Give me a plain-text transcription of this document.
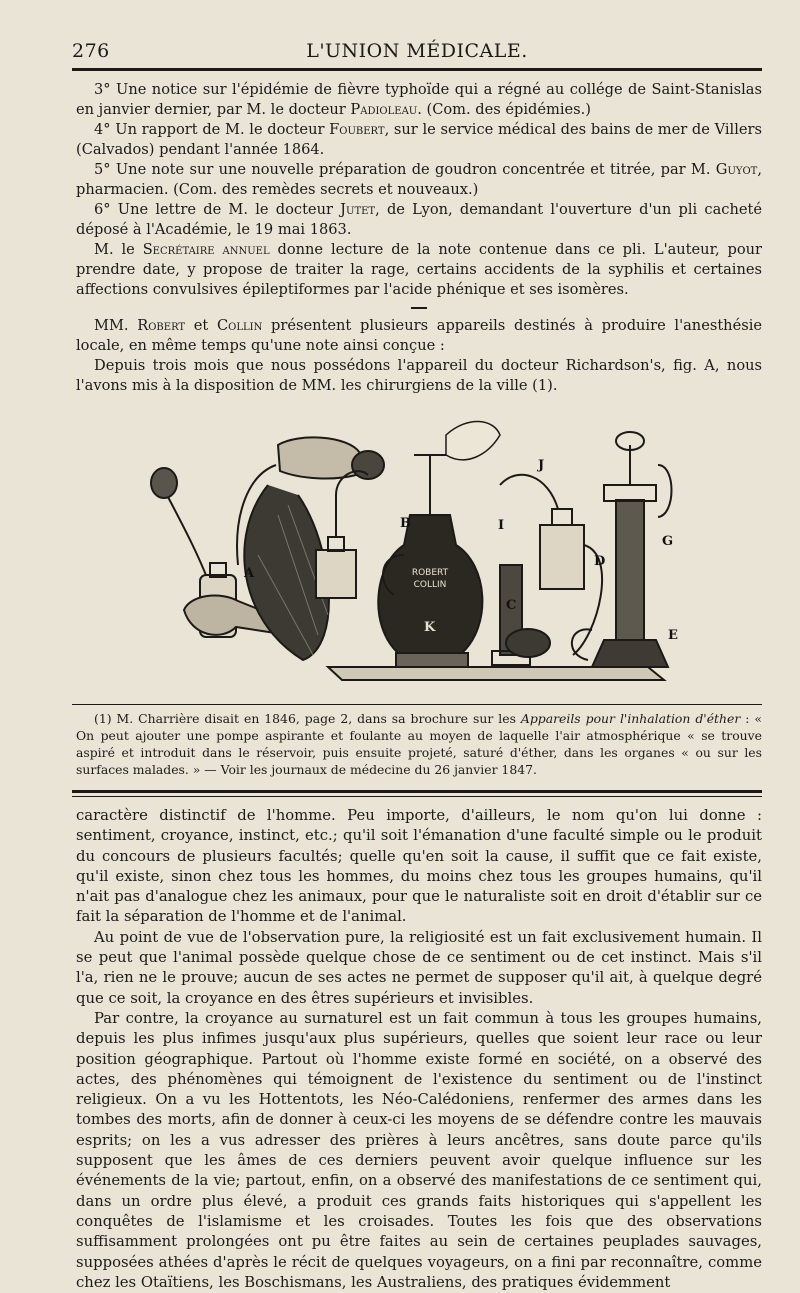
276	L'UNION MÉDICALE.

3° Une notice sur l'épidémie de fièvre typhoïde qui a régné au collége de Saint-Stanislas en janvier dernier, par M. le docteur Padioleau. (Com. des épidémies.)

4° Un rapport de M. le docteur Foubert, sur le service médical des bains de mer de Villers (Calvados) pendant l'année 1864.

5° Une note sur une nouvelle préparation de goudron concentrée et titrée, par M. Guyot, pharmacien. (Com. des remèdes secrets et nouveaux.)

6° Une lettre de M. le docteur Jutet, de Lyon, demandant l'ouverture d'un pli cacheté déposé à l'Académie, le 19 mai 1863.

M. le Secrétaire annuel donne lecture de la note contenue dans ce pli. L'auteur, pour prendre date, y propose de traiter la rage, certains accidents de la syphilis et certaines affections convulsives épileptiformes par l'acide phénique et ses isomères.

MM. Robert et Collin présentent plusieurs appareils destinés à produire l'anesthésie locale, en même temps qu'une note ainsi conçue :

Depuis trois mois que nous possédons l'appareil du docteur Richardson's, fig. A, nous l'avons mis à la disposition de MM. les chirurgiens de la ville (1).

A
B	I
J
C
D
G
E
K
ROBERT
COLLIN

(1) M. Charrière disait en 1846, page 2, dans sa brochure sur les Appareils pour l'inhalation d'éther : « On peut ajouter une pompe aspirante et foulante au moyen de laquelle l'air atmosphérique « se trouve aspiré et introduit dans le réservoir, puis ensuite projeté, saturé d'éther, dans les organes « ou sur les surfaces malades. » — Voir les journaux de médecine du 26 janvier 1847.

caractère distinctif de l'homme. Peu importe, d'ailleurs, le nom qu'on lui donne : sentiment, croyance, instinct, etc.; qu'il soit l'émanation d'une faculté simple ou le produit du concours de plusieurs facultés; quelle qu'en soit la cause, il suffit que ce fait existe, qu'il existe, sinon chez tous les hommes, du moins chez tous les groupes humains, qu'il n'ait pas d'analogue chez les animaux, pour que le naturaliste soit en droit d'établir sur ce fait la séparation de l'homme et de l'animal.

Au point de vue de l'observation pure, la religiosité est un fait exclusivement humain. Il se peut que l'animal possède quelque chose de ce sentiment ou de cet instinct. Mais s'il l'a, rien ne le prouve; aucun de ses actes ne permet de supposer qu'il ait, à quelque degré que ce soit, la croyance en des êtres supérieurs et invisibles.

Par contre, la croyance au surnaturel est un fait commun à tous les groupes humains, depuis les plus infimes jusqu'aux plus supérieurs, quelles que soient leur race ou leur position géographique. Partout où l'homme existe formé en société, on a observé des actes, des phénomènes qui témoignent de l'existence du sentiment ou de l'instinct religieux. On a vu les Hottentots, les Néo-Calédoniens, renfermer des armes dans les tombes des morts, afin de donner à ceux-ci les moyens de se défendre contre les mauvais esprits; on les a vus adresser des prières à leurs ancêtres, sans doute parce qu'ils supposent que les âmes de ces derniers peuvent avoir quelque influence sur les événements de la vie; partout, enfin, on a observé des manifestations de ce sentiment qui, dans un ordre plus élevé, a produit ces grands faits historiques qui s'appellent les conquêtes de l'islamisme et les croisades. Toutes les fois que des observations suffisamment prolongées ont pu être faites au sein de certaines peuplades sauvages, supposées athées d'après le récit de quelques voyageurs, on a fini par reconnaître, comme chez les Otaïtiens, les Boschismans, les Australiens, des pratiques évidemment
